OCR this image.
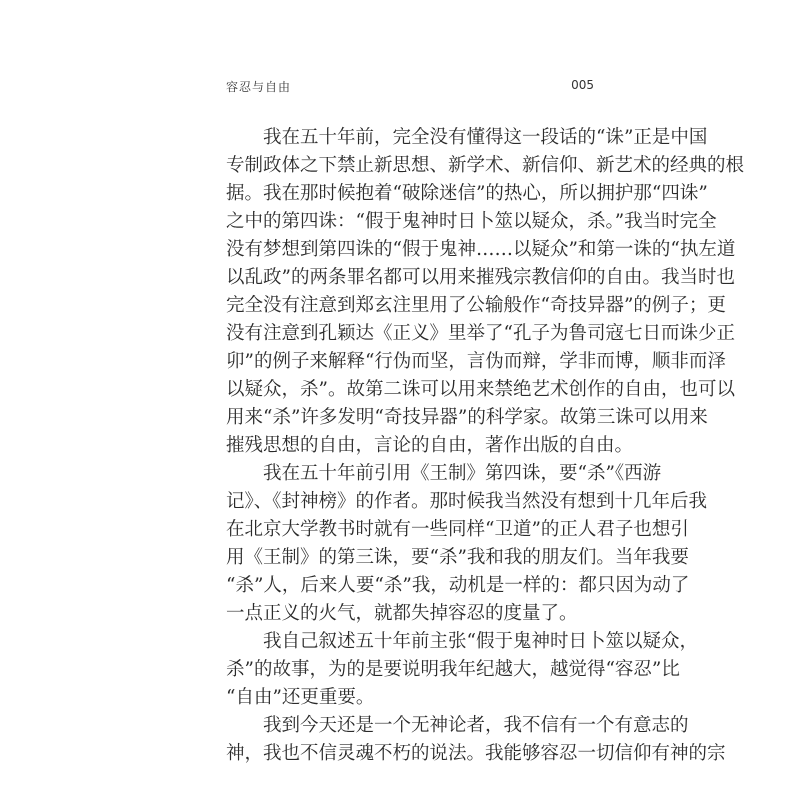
容忍与自由	005
我在五十年前，完全没有懂得这一段话的“诛”正是中国
专制政体之下禁止新思想、新学术、新信仰、新艺术的经典的根
据。我在那时候抱着“破除迷信”的热心，所以拥护那“四诛”
之中的第四诛：“假于鬼神时日卜筮以疑众，杀。”我当时完全
没有梦想到第四诛的“假于鬼神……以疑众”和第一诛的“执左道
以乱政”的两条罪名都可以用来摧残宗教信仰的自由。我当时也
完全没有注意到郑玄注里用了公输般作“奇技异器”的例子；更
没有注意到孔颖达《正义》里举了“孔子为鲁司寇七日而诛少正
卯”的例子来解释“行伪而坚，言伪而辩，学非而博，顺非而泽
以疑众，杀”。故第二诛可以用来禁绝艺术创作的自由，也可以
用来“杀”许多发明“奇技异器”的科学家。故第三诛可以用来
摧残思想的自由，言论的自由，著作出版的自由。
我在五十年前引用《王制》第四诛，要“杀”《西游
记》、《封神榜》的作者。那时候我当然没有想到十几年后我
在北京大学教书时就有一些同样“卫道”的正人君子也想引
用《王制》的第三诛，要“杀”我和我的朋友们。当年我要
“杀”人，后来人要“杀”我，动机是一样的：都只因为动了
一点正义的火气，就都失掉容忍的度量了。
我自己叙述五十年前主张“假于鬼神时日卜筮以疑众，
杀”的故事，为的是要说明我年纪越大，越觉得“容忍”比
“自由”还更重要。
我到今天还是一个无神论者，我不信有一个有意志的
神，我也不信灵魂不朽的说法。我能够容忍一切信仰有神的宗
